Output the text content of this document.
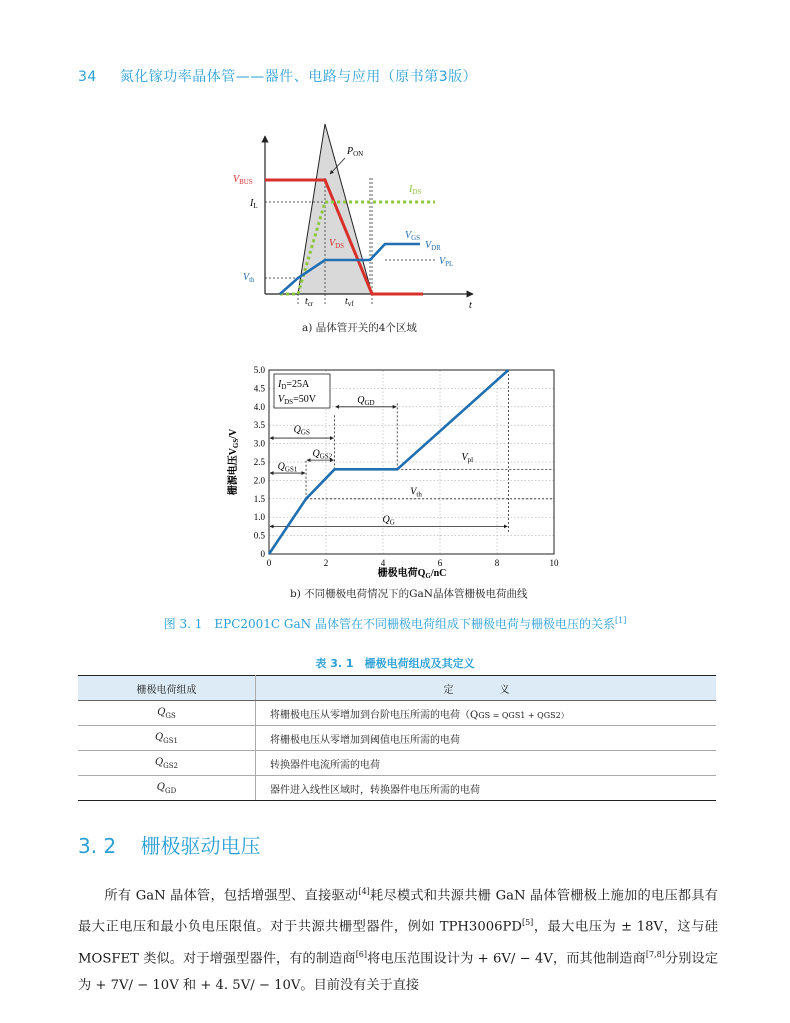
34 氮化镓功率晶体管——器件、电路与应用（原书第3版）
$V_{BUS}$
$I_L$
$V_{th}$
$P_{ON}$
$I_{DS}$
$V_{GS}$
$V_{DR}$
$V_{PL}$
$V_{DS}$
$t_{cr}$	$t_{vf}$	t
a) 晶体管开关的4个区域
0
0.5
1.0
1.5
2.0
2.5
3.0
3.5
4.0
4.5
5.0
0	2	4	6	8	10
$Q_{GS1}$
$Q_{GS2}$
$Q_{GS}$
$Q_{GD}$
$Q_G$
$V_{pl}$
$V_{th}$
$I_D=25A$
$V_{DS}=50V$
栅源电压$V_{GS}/V$
栅极电荷$Q_G/nC$
b) 不同栅极电荷情况下的GaN晶体管栅极电荷曲线
图 3. 1　EPC2001C GaN 晶体管在不同栅极电荷组成下栅极电荷与栅极电压的关系[1]
表 3. 1　栅极电荷组成及其定义
栅极电荷组成	定　义
$Q_{GS}$	将栅极电压从零增加到台阶电压所需的电荷（QGS = QGS1 + QGS2）
$Q_{GS1}$	将栅极电压从零增加到阈值电压所需的电荷
$Q_{GS2}$	转换器件电流所需的电荷
$Q_{GD}$	器件进入线性区域时，转换器件电压所需的电荷
3. 2 栅极驱动电压

所有 GaN 晶体管，包括增强型、直接驱动[4]耗尽模式和共源共栅 GaN 晶体管栅极上施加的电压都具有最大正电压和最小负电压限值。对于共源共栅型器件，例如 TPH3006PD[5]，最大电压为 ± 18V，这与硅 MOSFET 类似。对于增强型器件，有的制造商[6]将电压范围设计为 + 6V/ − 4V，而其他制造商[7,8]分别设定为 + 7V/ − 10V 和 + 4. 5V/ − 10V。目前没有关于直接
